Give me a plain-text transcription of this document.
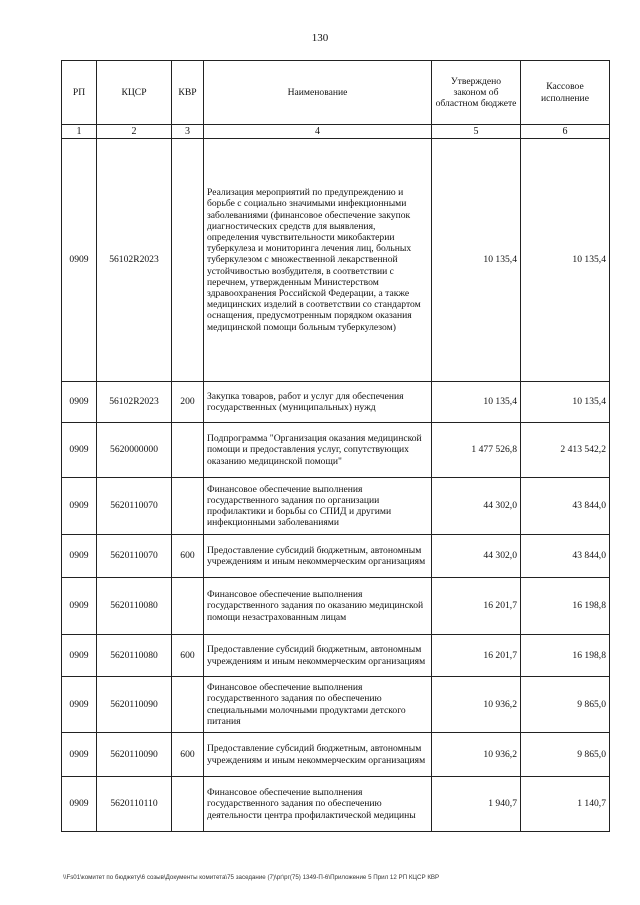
130
РП	КЦСР	КВР	Наименование	Утверждено законом об областном бюджете	Кассовое исполнение
1	2	3	4	5	6
0909	56102R2023		Реализация мероприятий по предупреждению и борьбе с социально значимыми инфекционными заболеваниями (финансовое обеспечение закупок диагностических средств для выявления, определения чувствительности микобактерии туберкулеза и мониторинга лечения лиц, больных туберкулезом с множественной лекарственной устойчивостью возбудителя, в соответствии с перечнем, утвержденным Министерством здравоохранения Российской Федерации, а также медицинских изделий в соответствии со стандартом оснащения, предусмотренным порядком оказания медицинской помощи больным туберкулезом)	10 135,4	10 135,4
0909	56102R2023	200	Закупка товаров, работ и услуг для обеспечения государственных (муниципальных) нужд	10 135,4	10 135,4
0909	5620000000		Подпрограмма "Организация оказания медицинской помощи и предоставления услуг, сопутствующих оказанию медицинской помощи"	1 477 526,8	2 413 542,2
0909	5620110070		Финансовое обеспечение выполнения государственного задания по организации профилактики и борьбы со СПИД и другими инфекционными заболеваниями	44 302,0	43 844,0
0909	5620110070	600	Предоставление субсидий бюджетным, автономным учреждениям и иным некоммерческим организациям	44 302,0	43 844,0
0909	5620110080		Финансовое обеспечение выполнения государственного задания по оказанию медицинской помощи незастрахованным лицам	16 201,7	16 198,8
0909	5620110080	600	Предоставление субсидий бюджетным, автономным учреждениям и иным некоммерческим организациям	16 201,7	16 198,8
0909	5620110090		Финансовое обеспечение выполнения государственного задания по обеспечению специальными молочными продуктами детского питания	10 936,2	9 865,0
0909	5620110090	600	Предоставление субсидий бюджетным, автономным учреждениям и иным некоммерческим организациям	10 936,2	9 865,0
0909	5620110110		Финансовое обеспечение выполнения государственного задания по обеспечению деятельности центра профилактической медицины	1 940,7	1 140,7
\\Fs01\комитет по бюджету\6 созыв\Документы комитета\75 заседание (7)\рг\рг(75) 1349-П-6\Приложение 5 Прил 12 РП КЦСР КВР
